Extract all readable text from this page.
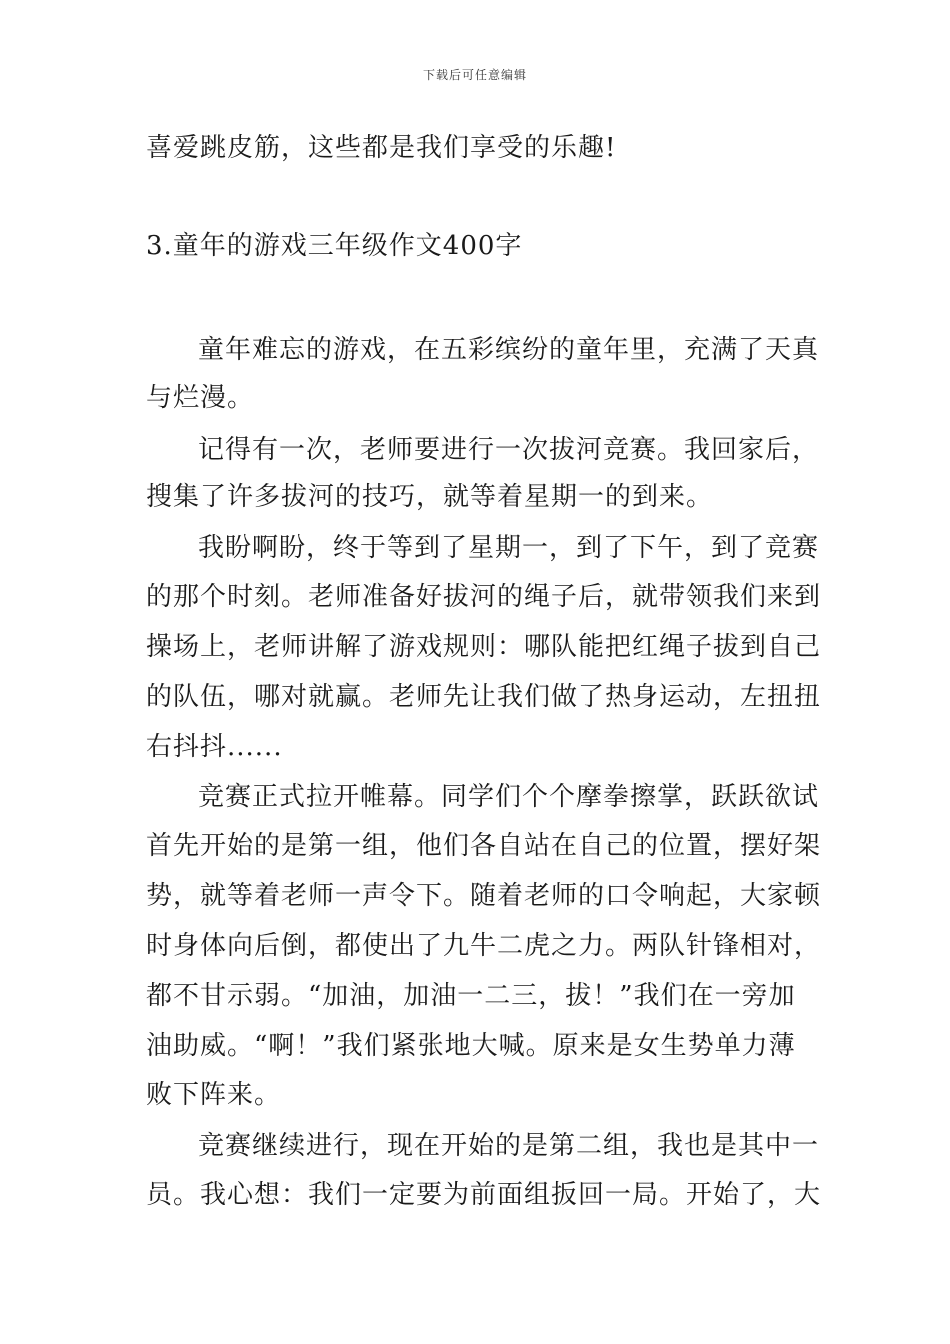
下载后可任意编辑
喜爱跳皮筋，这些都是我们享受的乐趣!
3.童年的游戏三年级作文400字
童年难忘的游戏，在五彩缤纷的童年里，充满了天真
与烂漫。
记得有一次，老师要进行一次拔河竞赛。我回家后，
搜集了许多拔河的技巧，就等着星期一的到来。
我盼啊盼，终于等到了星期一，到了下午，到了竞赛
的那个时刻。老师准备好拔河的绳子后，就带领我们来到
操场上，老师讲解了游戏规则：哪队能把红绳子拔到自己
的队伍，哪对就赢。老师先让我们做了热身运动，左扭扭
右抖抖......
竞赛正式拉开帷幕。同学们个个摩拳擦掌，跃跃欲试
首先开始的是第一组，他们各自站在自己的位置，摆好架
势，就等着老师一声令下。随着老师的口令响起，大家顿
时身体向后倒，都使出了九牛二虎之力。两队针锋相对，
都不甘示弱。“加油，加油一二三，拔！”我们在一旁加
油助威。“啊！”我们紧张地大喊。原来是女生势单力薄
败下阵来。
竞赛继续进行，现在开始的是第二组，我也是其中一
员。我心想：我们一定要为前面组扳回一局。开始了，大
